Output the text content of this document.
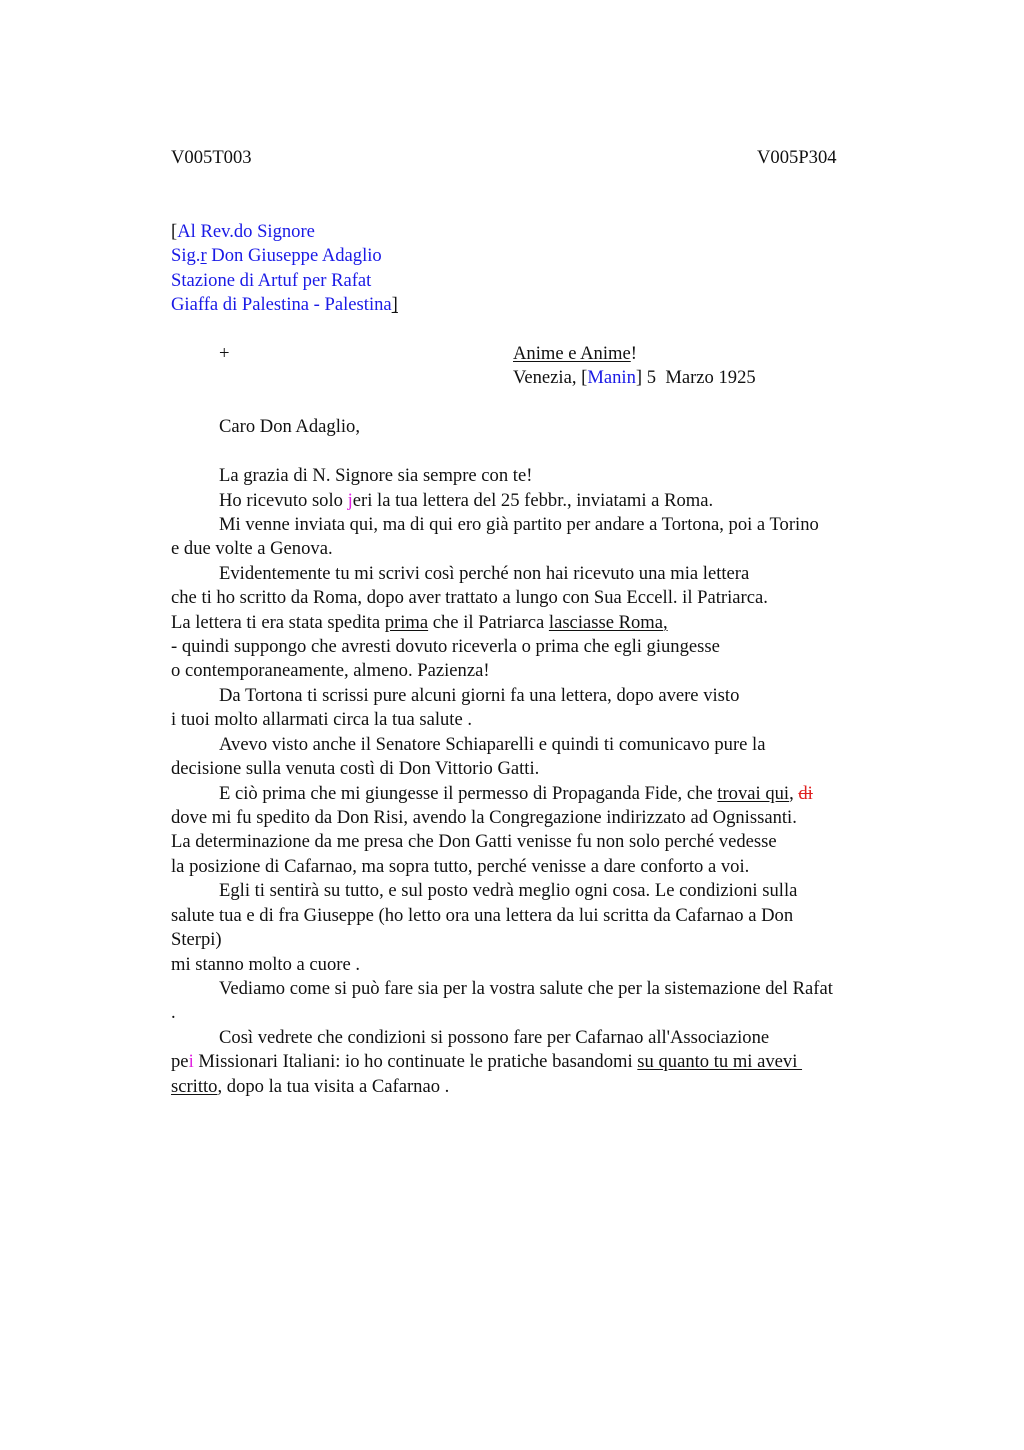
V005T003	V005P304
[Al Rev.do Signore
Sig.r Don Giuseppe Adaglio
Stazione di Artuf per Rafat
Giaffa di Palestina - Palestina]
+	Anime e Anime!
Venezia, [Manin] 5  Marzo 1925
Caro Don Adaglio,
La grazia di N. Signore sia sempre con te!
Ho ricevuto solo jeri la tua lettera del 25 febbr., inviatami a Roma.
Mi venne inviata qui, ma di qui ero già partito per andare a Tortona, poi a Torino
e due volte a Genova.
Evidentemente tu mi scrivi così perché non hai ricevuto una mia lettera
che ti ho scritto da Roma, dopo aver trattato a lungo con Sua Eccell. il Patriarca.
La lettera ti era stata spedita prima che il Patriarca lasciasse Roma,
- quindi suppongo che avresti dovuto riceverla o prima che egli giungesse
o contemporaneamente, almeno. Pazienza!
Da Tortona ti scrissi pure alcuni giorni fa una lettera, dopo avere visto
i tuoi molto allarmati circa la tua salute .
Avevo visto anche il Senatore Schiaparelli e quindi ti comunicavo pure la
decisione sulla venuta costì di Don Vittorio Gatti.
E ciò prima che mi giungesse il permesso di Propaganda Fide, che trovai qui, di
dove mi fu spedito da Don Risi, avendo la Congregazione indirizzato ad Ognissanti.
La determinazione da me presa che Don Gatti venisse fu non solo perché vedesse
la posizione di Cafarnao, ma sopra tutto, perché venisse a dare conforto a voi.
Egli ti sentirà su tutto, e sul posto vedrà meglio ogni cosa. Le condizioni sulla
salute tua e di fra Giuseppe (ho letto ora una lettera da lui scritta da Cafarnao a Don
Sterpi)
mi stanno molto a cuore .
Vediamo come si può fare sia per la vostra salute che per la sistemazione del Rafat
.
Così vedrete che condizioni si possono fare per Cafarnao all'Associazione
pei Missionari Italiani: io ho continuate le pratiche basandomi su quanto tu mi avevi
scritto, dopo la tua visita a Cafarnao .
